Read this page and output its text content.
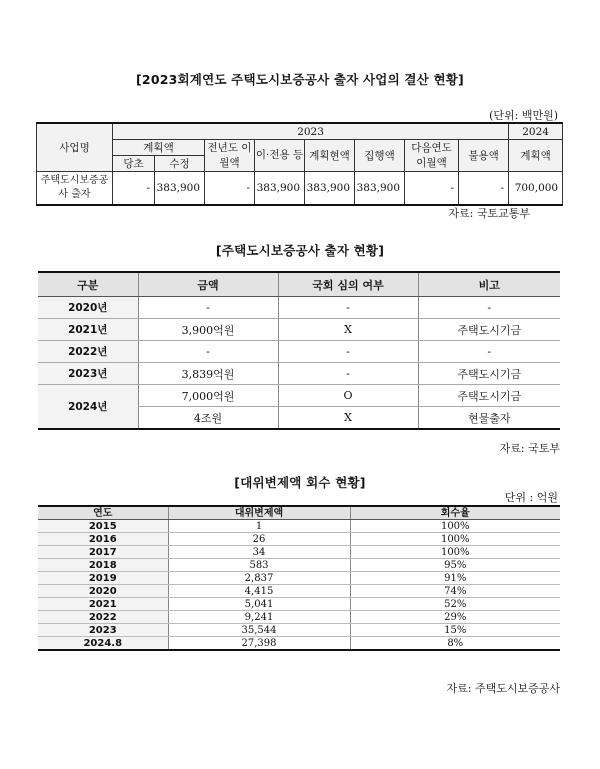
[2023회계연도 주택도시보증공사 출자 사업의 결산 현황]
(단위: 백만원)
사업명	2023								2024
	계획액		전년도 이월액	이·전용 등	계획현액	집행액	다음연도 이월액	불용액	계획액
	당초	수정							
주택도시보증공사 출자	-	383,900	-	383,900	383,900	383,900	-	-	700,000
자료: 국토교통부
[주택도시보증공사 출자 현황]
구분	금액	국회 심의 여부	비고
2020년	-	-	-
2021년	3,900억원	X	주택도시기금
2022년	-	-	-
2023년	3,839억원	-	주택도시기금
2024년	7,000억원	O	주택도시기금
	4조원	X	현물출자
자료: 국토부
[대위변제액 회수 현황]
단위 : 억원
연도	대위변제액	회수율
2015	1	100%
2016	26	100%
2017	34	100%
2018	583	95%
2019	2,837	91%
2020	4,415	74%
2021	5,041	52%
2022	9,241	29%
2023	35,544	15%
2024.8	27,398	8%
자료: 주택도시보증공사
